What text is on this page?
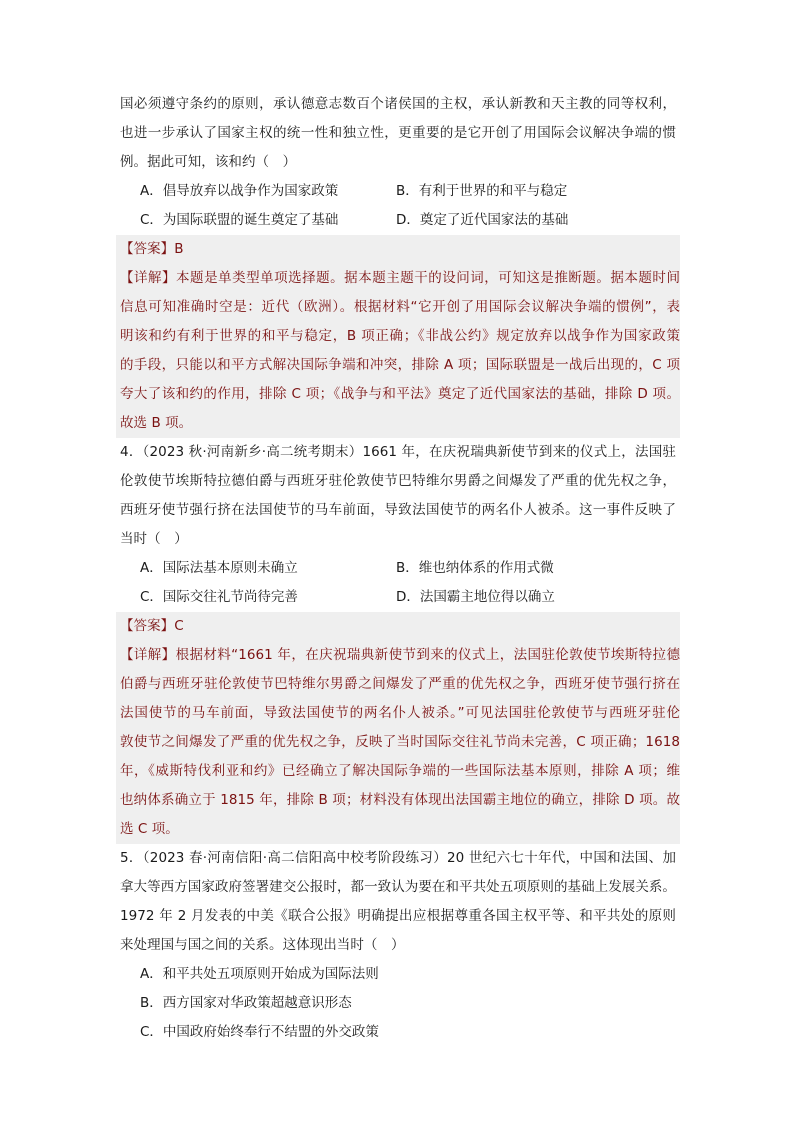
国必须遵守条约的原则，承认德意志数百个诸侯国的主权，承认新教和天主教的同等权利，
也进一步承认了国家主权的统一性和独立性，更重要的是它开创了用国际会议解决争端的惯
例。据此可知，该和约（　）
A．倡导放弃以战争作为国家政策	B．有利于世界的和平与稳定
C．为国际联盟的诞生奠定了基础	D．奠定了近代国家法的基础
【答案】B
【详解】本题是单类型单项选择题。据本题主题干的设问词，可知这是推断题。据本题时间
信息可知准确时空是：近代（欧洲）。根据材料“它开创了用国际会议解决争端的惯例”，表
明该和约有利于世界的和平与稳定，B 项正确；《非战公约》规定放弃以战争作为国家政策
的手段，只能以和平方式解决国际争端和冲突，排除 A 项；国际联盟是一战后出现的，C 项
夸大了该和约的作用，排除 C 项；《战争与和平法》奠定了近代国家法的基础，排除 D 项。
故选 B 项。
4．（2023 秋·河南新乡·高二统考期末）1661 年，在庆祝瑞典新使节到来的仪式上，法国驻
伦敦使节埃斯特拉德伯爵与西班牙驻伦敦使节巴特维尔男爵之间爆发了严重的优先权之争，
西班牙使节强行挤在法国使节的马车前面，导致法国使节的两名仆人被杀。这一事件反映了
当时（　）
A．国际法基本原则未确立	B．维也纳体系的作用式微
C．国际交往礼节尚待完善	D．法国霸主地位得以确立
【答案】C
【详解】根据材料“1661 年，在庆祝瑞典新使节到来的仪式上，法国驻伦敦使节埃斯特拉德
伯爵与西班牙驻伦敦使节巴特维尔男爵之间爆发了严重的优先权之争，西班牙使节强行挤在
法国使节的马车前面，导致法国使节的两名仆人被杀。”可见法国驻伦敦使节与西班牙驻伦
敦使节之间爆发了严重的优先权之争，反映了当时国际交往礼节尚未完善，C 项正确；1618
年，《威斯特伐利亚和约》已经确立了解决国际争端的一些国际法基本原则，排除 A 项；维
也纳体系确立于 1815 年，排除 B 项；材料没有体现出法国霸主地位的确立，排除 D 项。故
选 C 项。
5．（2023 春·河南信阳·高二信阳高中校考阶段练习）20 世纪六七十年代，中国和法国、加
拿大等西方国家政府签署建交公报时，都一致认为要在和平共处五项原则的基础上发展关系。
1972 年 2 月发表的中美《联合公报》明确提出应根据尊重各国主权平等、和平共处的原则
来处理国与国之间的关系。这体现出当时（　）
A．和平共处五项原则开始成为国际法则
B．西方国家对华政策超越意识形态
C．中国政府始终奉行不结盟的外交政策
